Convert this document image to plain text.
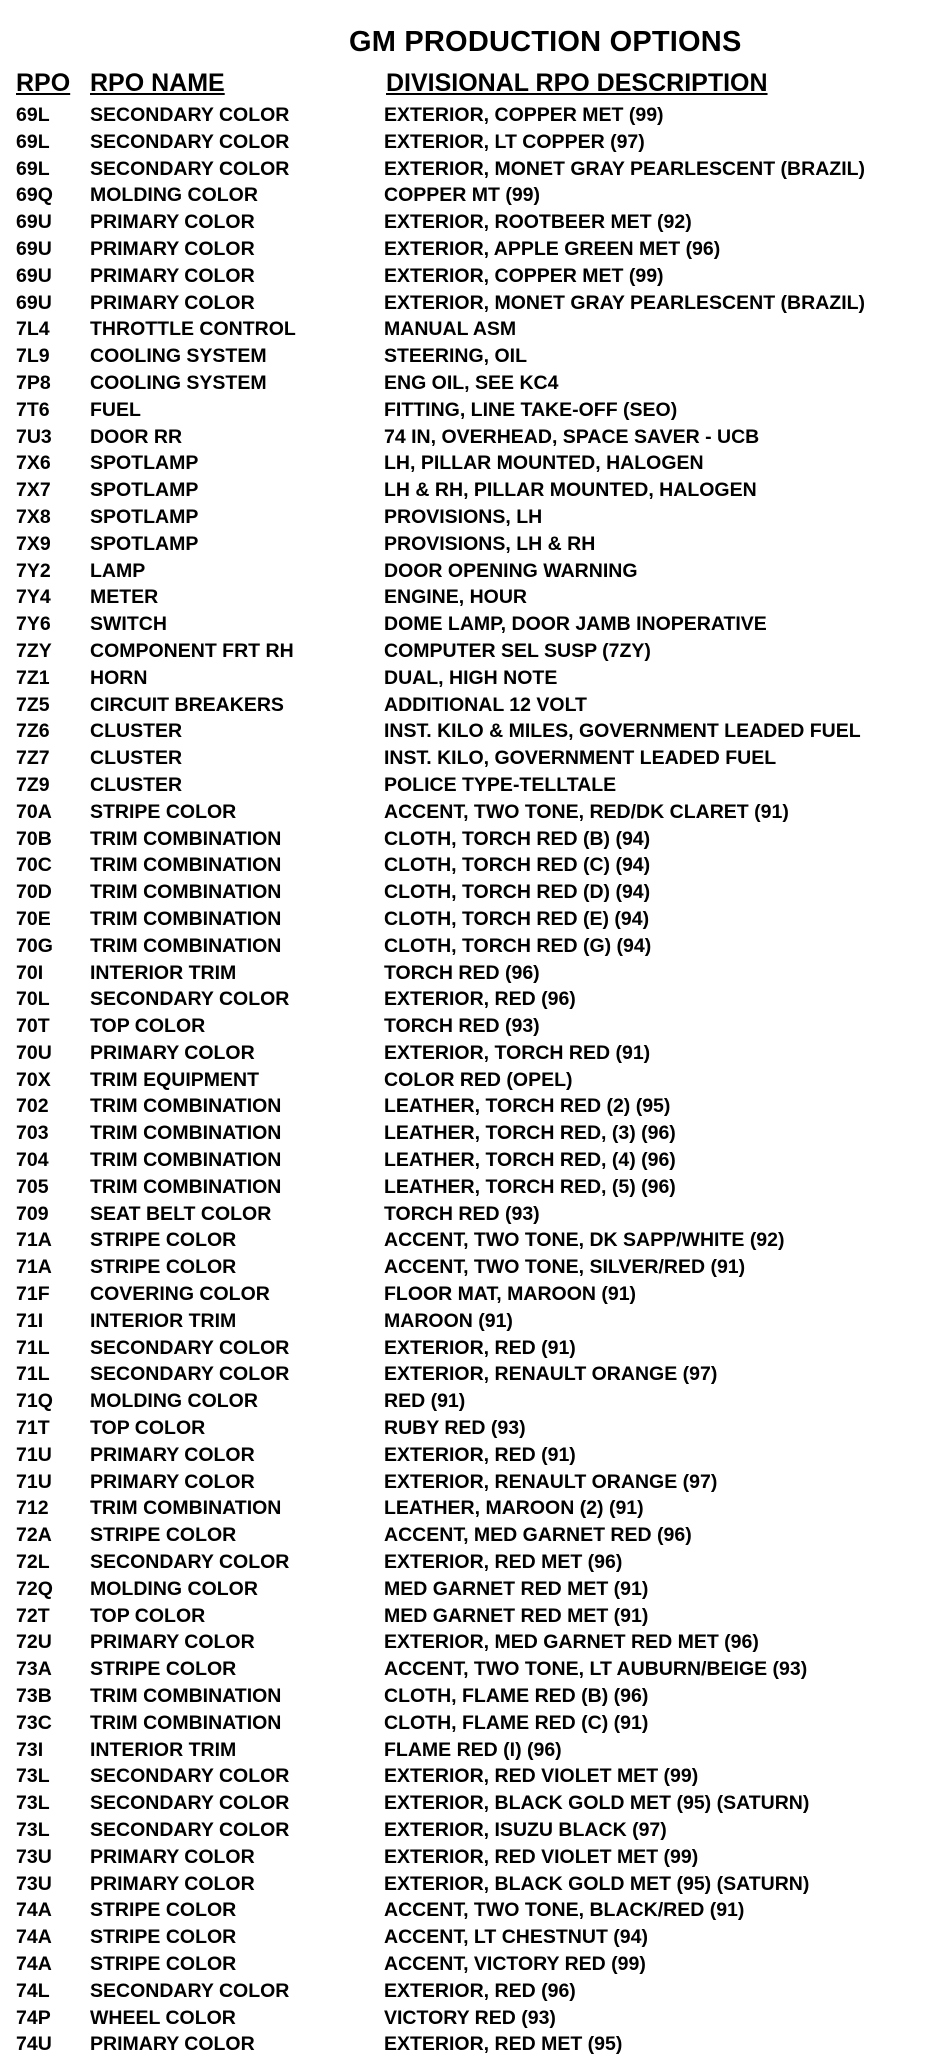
GM PRODUCTION OPTIONS
RPO RPO NAME	DIVISIONAL RPO DESCRIPTION
69L SECONDARY COLOR	EXTERIOR, COPPER MET (99)
69L SECONDARY COLOR	EXTERIOR, LT COPPER (97)
69L SECONDARY COLOR	EXTERIOR, MONET GRAY PEARLESCENT (BRAZIL)
69Q MOLDING COLOR	COPPER MT (99)
69U PRIMARY COLOR	EXTERIOR, ROOTBEER MET (92)
69U PRIMARY COLOR	EXTERIOR, APPLE GREEN MET (96)
69U PRIMARY COLOR	EXTERIOR, COPPER MET (99)
69U PRIMARY COLOR	EXTERIOR, MONET GRAY PEARLESCENT (BRAZIL)
7L4 THROTTLE CONTROL	MANUAL ASM
7L9 COOLING SYSTEM	STEERING, OIL
7P8 COOLING SYSTEM	ENG OIL, SEE KC4
7T6 FUEL	FITTING, LINE TAKE-OFF (SEO)
7U3 DOOR RR	74 IN, OVERHEAD, SPACE SAVER - UCB
7X6 SPOTLAMP	LH, PILLAR MOUNTED, HALOGEN
7X7 SPOTLAMP	LH & RH, PILLAR MOUNTED, HALOGEN
7X8 SPOTLAMP	PROVISIONS, LH
7X9 SPOTLAMP	PROVISIONS, LH & RH
7Y2 LAMP	DOOR OPENING WARNING
7Y4 METER	ENGINE, HOUR
7Y6 SWITCH	DOME LAMP, DOOR JAMB INOPERATIVE
7ZY COMPONENT FRT RH	COMPUTER SEL SUSP (7ZY)
7Z1 HORN	DUAL, HIGH NOTE
7Z5 CIRCUIT BREAKERS	ADDITIONAL 12 VOLT
7Z6 CLUSTER	INST. KILO & MILES, GOVERNMENT LEADED FUEL
7Z7 CLUSTER	INST. KILO, GOVERNMENT LEADED FUEL
7Z9 CLUSTER	POLICE TYPE-TELLTALE
70A STRIPE COLOR	ACCENT, TWO TONE, RED/DK CLARET (91)
70B TRIM COMBINATION	CLOTH, TORCH RED (B) (94)
70C TRIM COMBINATION	CLOTH, TORCH RED (C) (94)
70D TRIM COMBINATION	CLOTH, TORCH RED (D) (94)
70E TRIM COMBINATION	CLOTH, TORCH RED (E) (94)
70G TRIM COMBINATION	CLOTH, TORCH RED (G) (94)
70I INTERIOR TRIM	TORCH RED (96)
70L SECONDARY COLOR	EXTERIOR, RED (96)
70T TOP COLOR	TORCH RED (93)
70U PRIMARY COLOR	EXTERIOR, TORCH RED (91)
70X TRIM EQUIPMENT	COLOR RED (OPEL)
702 TRIM COMBINATION	LEATHER, TORCH RED (2) (95)
703 TRIM COMBINATION	LEATHER, TORCH RED, (3) (96)
704 TRIM COMBINATION	LEATHER, TORCH RED, (4) (96)
705 TRIM COMBINATION	LEATHER, TORCH RED, (5) (96)
709 SEAT BELT COLOR	TORCH RED (93)
71A STRIPE COLOR	ACCENT, TWO TONE, DK SAPP/WHITE (92)
71A STRIPE COLOR	ACCENT, TWO TONE, SILVER/RED (91)
71F COVERING COLOR	FLOOR MAT, MAROON (91)
71I INTERIOR TRIM	MAROON (91)
71L SECONDARY COLOR	EXTERIOR, RED (91)
71L SECONDARY COLOR	EXTERIOR, RENAULT ORANGE (97)
71Q MOLDING COLOR	RED (91)
71T TOP COLOR	RUBY RED (93)
71U PRIMARY COLOR	EXTERIOR, RED (91)
71U PRIMARY COLOR	EXTERIOR, RENAULT ORANGE (97)
712 TRIM COMBINATION	LEATHER, MAROON (2) (91)
72A STRIPE COLOR	ACCENT, MED GARNET RED (96)
72L SECONDARY COLOR	EXTERIOR, RED MET (96)
72Q MOLDING COLOR	MED GARNET RED MET (91)
72T TOP COLOR	MED GARNET RED MET (91)
72U PRIMARY COLOR	EXTERIOR, MED GARNET RED MET (96)
73A STRIPE COLOR	ACCENT, TWO TONE, LT AUBURN/BEIGE (93)
73B TRIM COMBINATION	CLOTH, FLAME RED (B) (96)
73C TRIM COMBINATION	CLOTH, FLAME RED (C) (91)
73I INTERIOR TRIM	FLAME RED (I) (96)
73L SECONDARY COLOR	EXTERIOR, RED VIOLET MET (99)
73L SECONDARY COLOR	EXTERIOR, BLACK GOLD MET (95) (SATURN)
73L SECONDARY COLOR	EXTERIOR, ISUZU BLACK (97)
73U PRIMARY COLOR	EXTERIOR, RED VIOLET MET (99)
73U PRIMARY COLOR	EXTERIOR, BLACK GOLD MET (95) (SATURN)
74A STRIPE COLOR	ACCENT, TWO TONE, BLACK/RED (91)
74A STRIPE COLOR	ACCENT, LT CHESTNUT (94)
74A STRIPE COLOR	ACCENT, VICTORY RED (99)
74L SECONDARY COLOR	EXTERIOR, RED (96)
74P WHEEL COLOR	VICTORY RED (93)
74U PRIMARY COLOR	EXTERIOR, RED MET (95)
